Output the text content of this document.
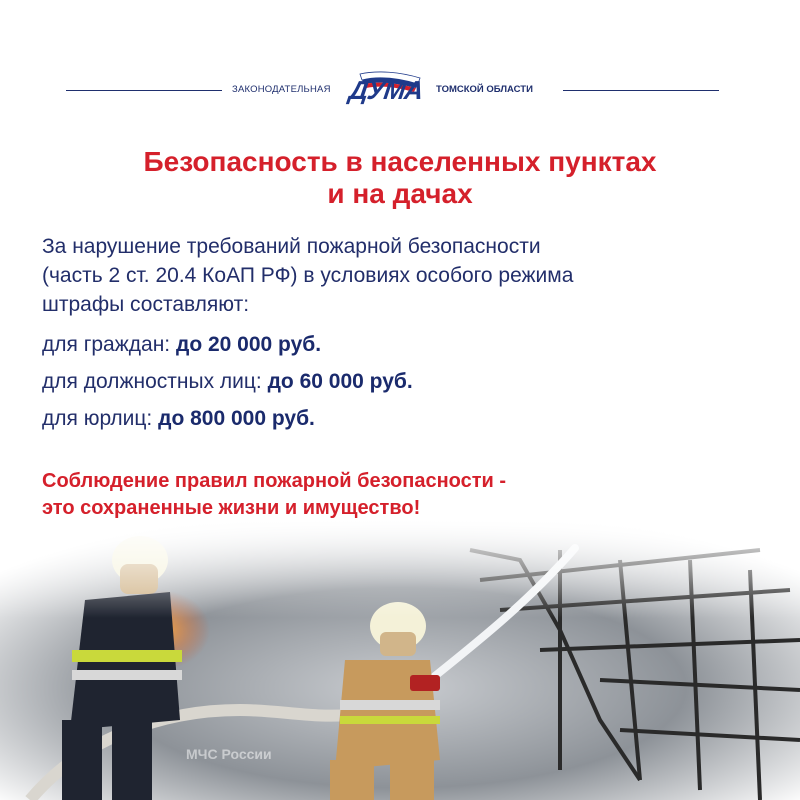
ЗАКОНОДАТЕЛЬНАЯ ДУМА	ТОМСКОЙ ОБЛАСТИ
Безопасность в населенных пунктах
и на дачах
За нарушение требований пожарной безопасности
(часть 2 ст. 20.4 КоАП РФ) в условиях особого режима
штрафы составляют:
для граждан: до 20 000 руб.
для должностных лиц: до 60 000 руб.
для юрлиц: до 800 000 руб.
Соблюдение правил пожарной безопасности -
это сохраненные жизни и имущество!
МЧС России
